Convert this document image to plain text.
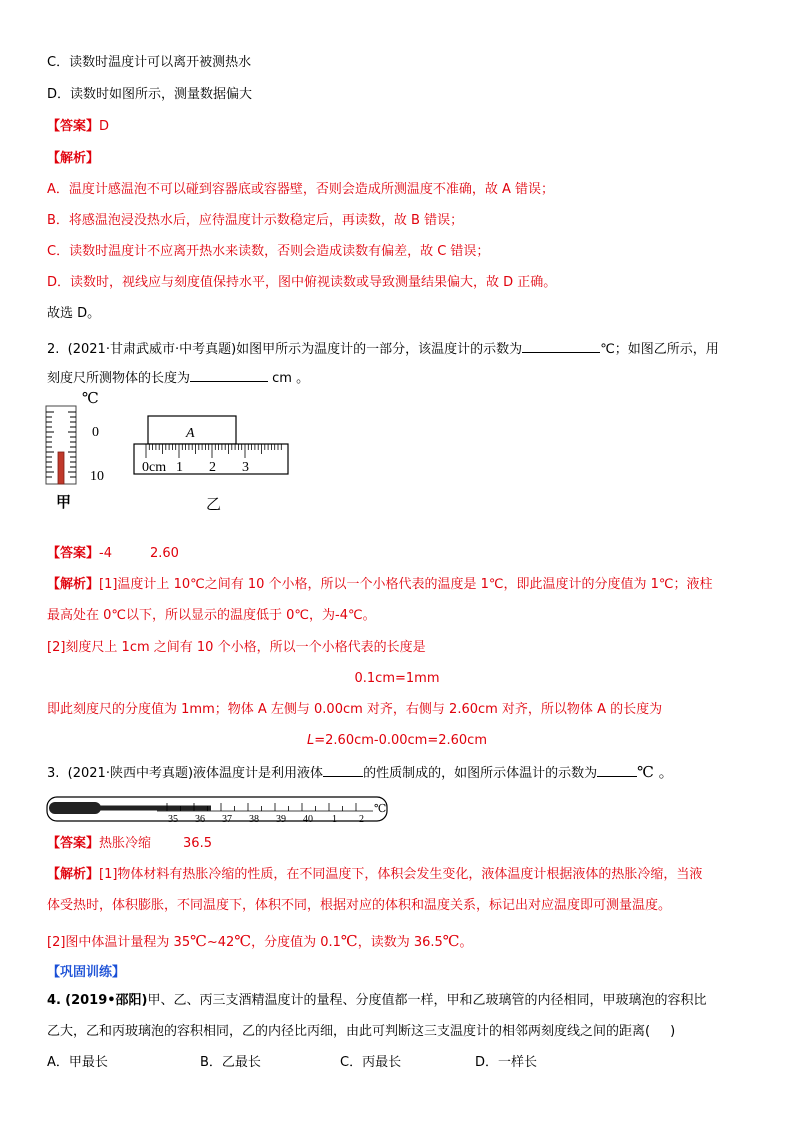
C．读数时温度计可以离开被测热水
D．读数时如图所示，测量数据偏大
【答案】D
【解析】
A．温度计感温泡不可以碰到容器底或容器壁，否则会造成所测温度不准确，故 A 错误；
B．将感温泡浸没热水后，应待温度计示数稳定后，再读数，故 B 错误；
C．读数时温度计不应离开热水来读数，否则会造成读数有偏差，故 C 错误；
D．读数时，视线应与刻度值保持水平，图中俯视读数或导致测量结果偏大，故 D 正确。
故选 D。
2. (2021·甘肃武威市·中考真题)如图甲所示为温度计的一部分，该温度计的示数为	℃；如图乙所示，用
刻度尺所测物体的长度为	cm 。
℃
0
10
甲
A
0cm 1 2 3
乙
【答案】-4	2.60
【解析】[1]温度计上 10℃之间有 10 个小格，所以一个小格代表的温度是 1℃，即此温度计的分度值为 1℃；液柱
最高处在 0℃以下，所以显示的温度低于 0℃，为-4℃。
[2]刻度尺上 1cm 之间有 10 个小格，所以一个小格代表的长度是
0.1cm=1mm
即此刻度尺的分度值为 1mm；物体 A 左侧与 0.00cm 对齐，右侧与 2.60cm 对齐，所以物体 A 的长度为
L=2.60cm-0.00cm=2.60cm
3. (2021·陕西中考真题)液体温度计是利用液体	的性质制成的，如图所示体温计的示数为	℃ 。
35 36 37 38 39 40 1 2
℃
【答案】热胀冷缩 36.5
【解析】[1]物体材料有热胀冷缩的性质，在不同温度下，体积会发生变化，液体温度计根据液体的热胀冷缩，当液
体受热时，体积膨胀，不同温度下，体积不同，根据对应的体积和温度关系，标记出对应温度即可测量温度。
[2]图中体温计量程为 35℃~42℃，分度值为 0.1℃，读数为 36.5℃。
【巩固训练】
4. (2019•邵阳)甲、乙、丙三支酒精温度计的量程、分度值都一样，甲和乙玻璃管的内径相同，甲玻璃泡的容积比
乙大，乙和丙玻璃泡的容积相同，乙的内径比丙细，由此可判断这三支温度计的相邻两刻度线之间的距离( )
A．甲最长	B．乙最长	C．丙最长	D．一样长
